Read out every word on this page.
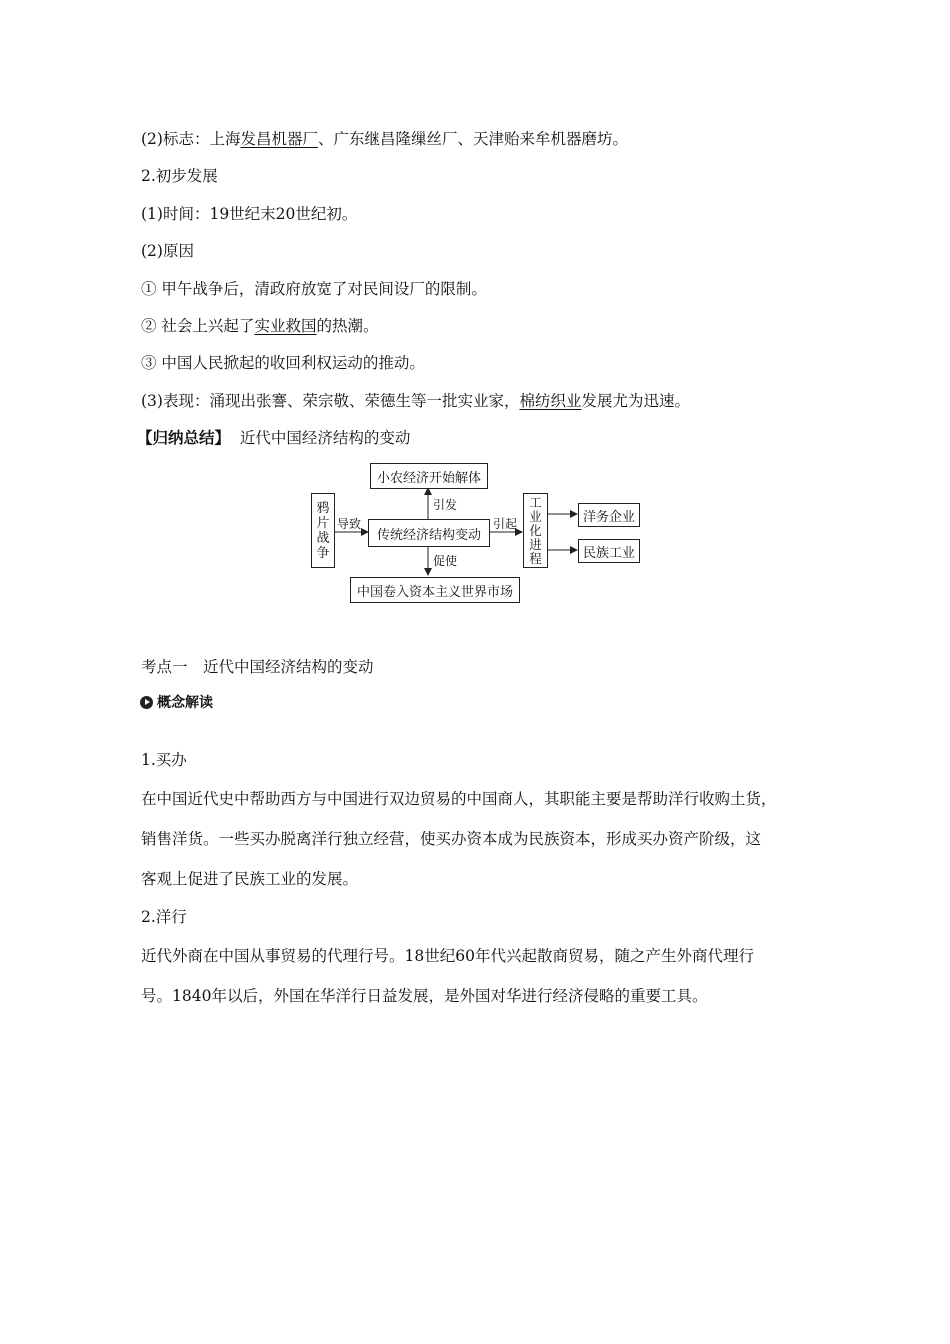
(2)标志：上海发昌机器厂、广东继昌隆缫丝厂、天津贻来牟机器磨坊。
2.初步发展
(1)时间：19世纪末20世纪初。
(2)原因
① 甲午战争后，清政府放宽了对民间设厂的限制。
② 社会上兴起了实业救国的热潮。
③ 中国人民掀起的收回利权运动的推动。
(3)表现：涌现出张謇、荣宗敬、荣德生等一批实业家，棉纺织业发展尤为迅速。
【归纳总结】 近代中国经济结构的变动
鸦
片
战
争
传统经济结构变动
小农经济开始解体
中国卷入资本主义世界市场
工
业
化
进
程
洋务企业
民族工业
导致
引发
促使
引起
考点一　近代中国经济结构的变动
概念解读
1.买办
在中国近代史中帮助西方与中国进行双边贸易的中国商人，其职能主要是帮助洋行收购土货，
销售洋货。一些买办脱离洋行独立经营，使买办资本成为民族资本，形成买办资产阶级，这
客观上促进了民族工业的发展。
2.洋行
近代外商在中国从事贸易的代理行号。18世纪60年代兴起散商贸易，随之产生外商代理行
号。1840年以后，外国在华洋行日益发展，是外国对华进行经济侵略的重要工具。
